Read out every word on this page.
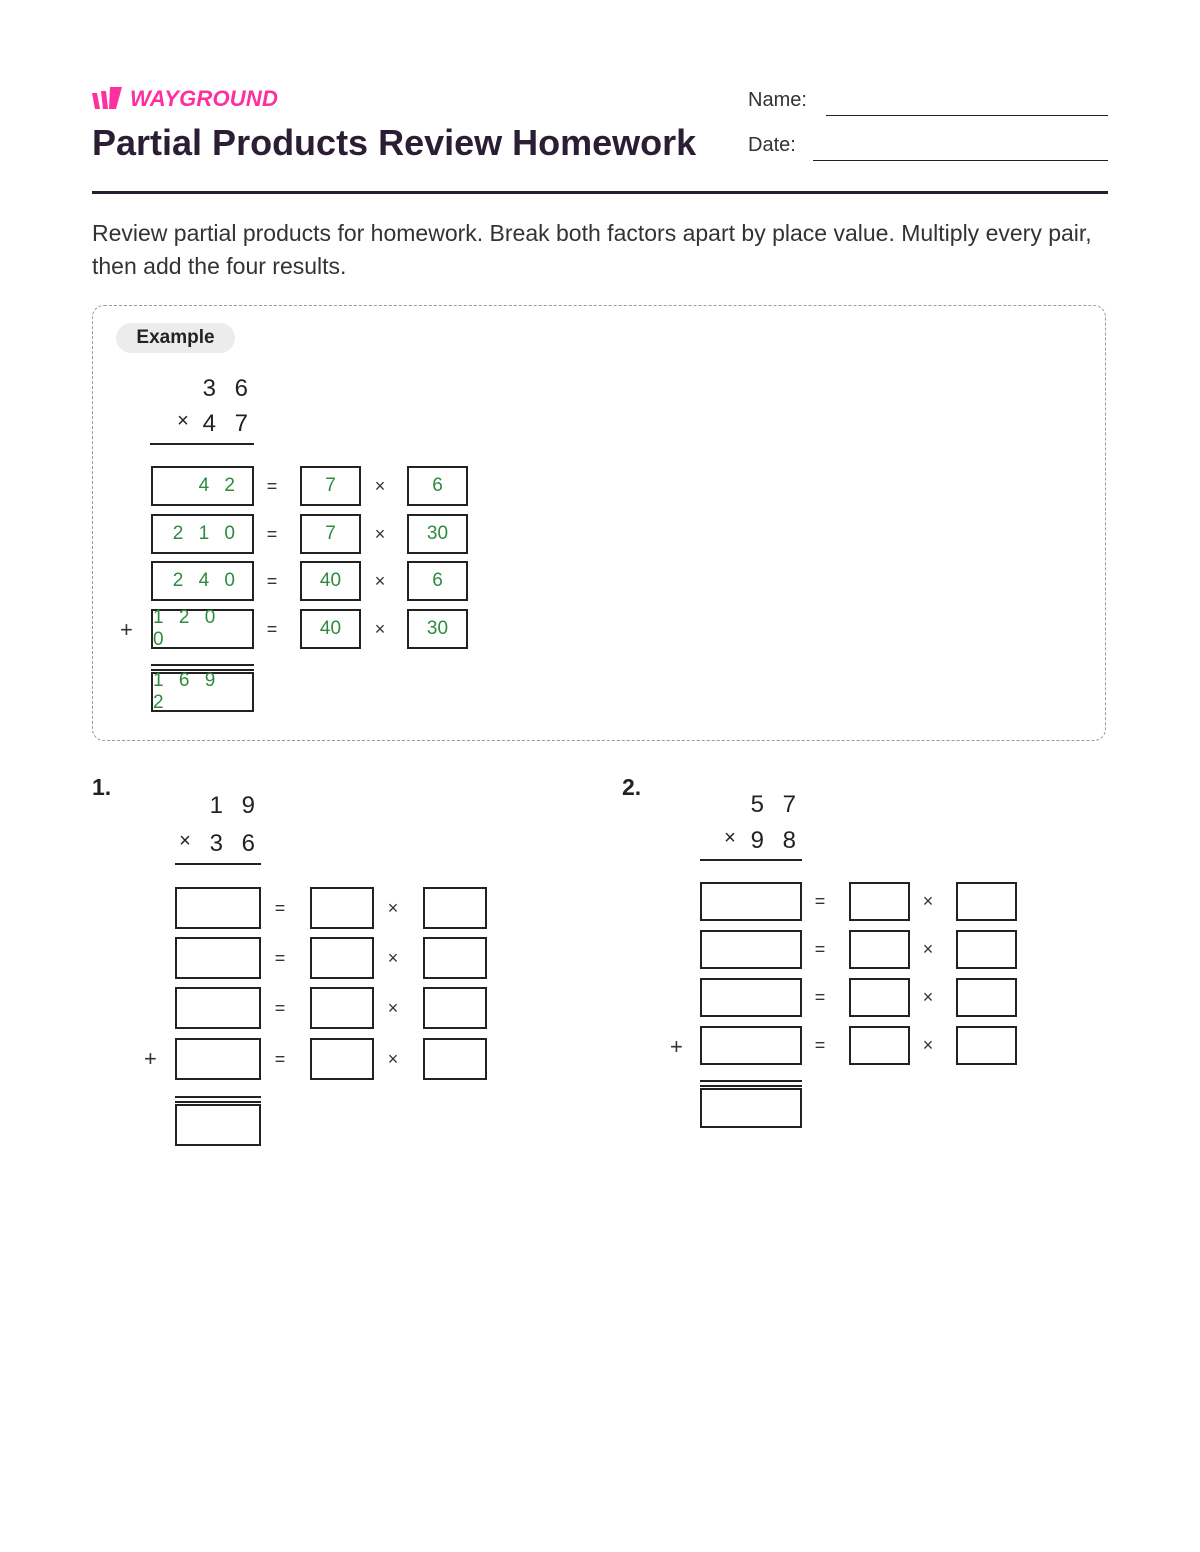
WAYGROUND
Partial Products Review Homework
Name:
Date:
Review partial products for homework. Break both factors apart by place value. Multiply every pair, then add the four results.
Example
3 6
× 4 7
4 2	=	7	×	6
2 1 0	=	7	×	30
2 4 0	=	40	×	6
+ 1 2 0 0	=	40	×	30
1 6 9 2
1.
1 9
× 3 6
=	×
=	×
=	×
+	=	×
2.
5 7
× 9 8
=	×
=	×
=	×
+	=	×
